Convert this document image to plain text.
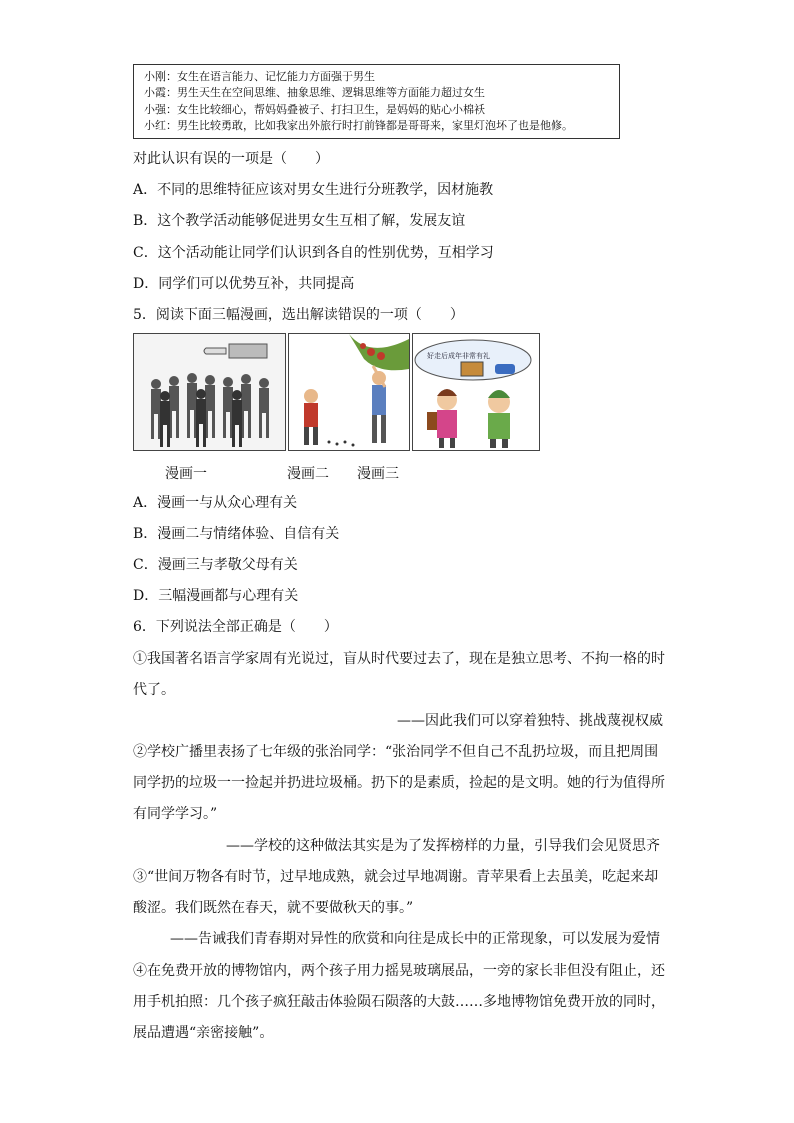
小刚：女生在语言能力、记忆能力方面强于男生
小霞：男生天生在空间思维、抽象思维、逻辑思维等方面能力超过女生
小强：女生比较细心，帮妈妈叠被子、打扫卫生，是妈妈的贴心小棉袄
小红：男生比较勇敢，比如我家出外旅行时打前锋都是哥哥来，家里灯泡坏了也是他修。
对此认识有误的一项是（　　）
A．不同的思维特征应该对男女生进行分班教学，因材施教
B．这个教学活动能够促进男女生互相了解，发展友谊
C．这个活动能让同学们认识到各自的性别优势，互相学习
D．同学们可以优势互补，共同提高
5．阅读下面三幅漫画，选出解读错误的一项（　　）
好走后成年非常有礼
漫画一	漫画二 漫画三
A．漫画一与从众心理有关
B．漫画二与情绪体验、自信有关
C．漫画三与孝敬父母有关
D．三幅漫画都与心理有关
6．下列说法全部正确是（　　）
①我国著名语言学家周有光说过，盲从时代要过去了，现在是独立思考、不拘一格的时
代了。
——因此我们可以穿着独特、挑战蔑视权威
②学校广播里表扬了七年级的张治同学：“张治同学不但自己不乱扔垃圾，而且把周围
同学扔的垃圾一一捡起并扔进垃圾桶。扔下的是素质，捡起的是文明。她的行为值得所
有同学学习。”
——学校的这种做法其实是为了发挥榜样的力量，引导我们会见贤思齐
③“世间万物各有时节，过早地成熟，就会过早地凋谢。青苹果看上去虽美，吃起来却
酸涩。我们既然在春天，就不要做秋天的事。”
——告诫我们青春期对异性的欣赏和向往是成长中的正常现象，可以发展为爱情
④在免费开放的博物馆内，两个孩子用力摇晃玻璃展品，一旁的家长非但没有阻止，还
用手机拍照：几个孩子疯狂敲击体验陨石陨落的大鼓……多地博物馆免费开放的同时，
展品遭遇“亲密接触”。
